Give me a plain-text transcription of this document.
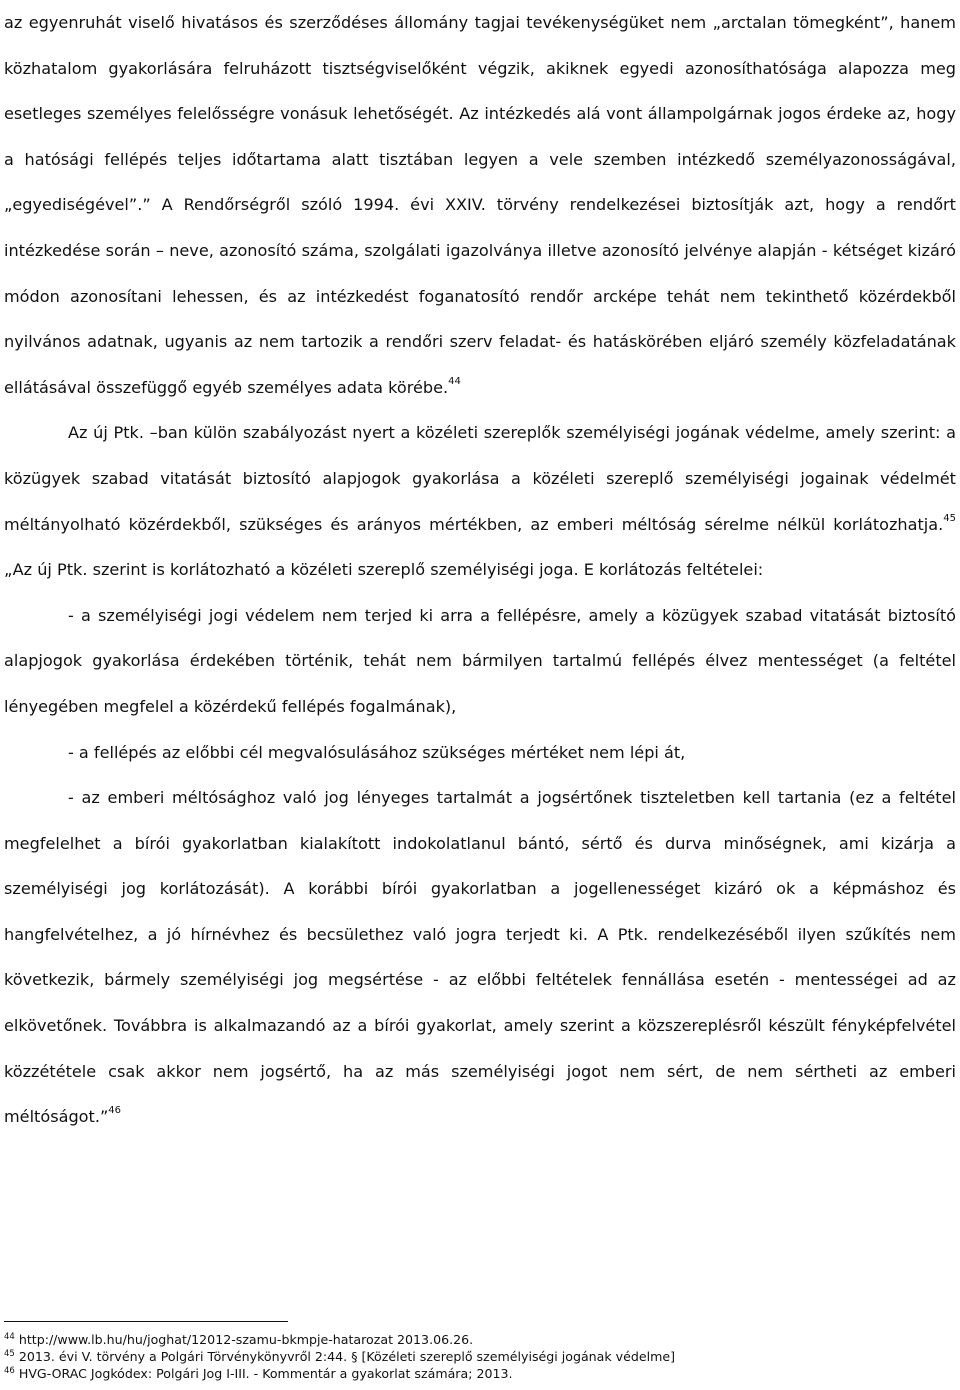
az egyenruhát viselő hivatásos és szerződéses állomány tagjai tevékenységüket nem „arctalan tömegként”, hanem közhatalom gyakorlására felruházott tisztségviselőként végzik, akiknek egyedi azonosíthatósága alapozza meg esetleges személyes felelősségre vonásuk lehetőségét. Az intézkedés alá vont állampolgárnak jogos érdeke az, hogy a hatósági fellépés teljes időtartama alatt tisztában legyen a vele szemben intézkedő személyazonosságával, „egyediségével”.” A Rendőrségről szóló 1994. évi XXIV. törvény rendelkezései biztosítják azt, hogy a rendőrt intézkedése során – neve, azonosító száma, szolgálati igazolványa illetve azonosító jelvénye alapján - kétséget kizáró módon azonosítani lehessen, és az intézkedést foganatosító rendőr arcképe tehát nem tekinthető közérdekből nyilvános adatnak, ugyanis az nem tartozik a rendőri szerv feladat- és hatáskörében eljáró személy közfeladatának ellátásával összefüggő egyéb személyes adata körébe.$^{44}$

Az új Ptk. –ban külön szabályozást nyert a közéleti szereplők személyiségi jogának védelme, amely szerint: a közügyek szabad vitatását biztosító alapjogok gyakorlása a közéleti szereplő személyiségi jogainak védelmét méltányolható közérdekből, szükséges és arányos mértékben, az emberi méltóság sérelme nélkül korlátozhatja.$^{45}$ „Az új Ptk. szerint is korlátozható a közéleti szereplő személyiségi joga. E korlátozás feltételei:

- a személyiségi jogi védelem nem terjed ki arra a fellépésre, amely a közügyek szabad vitatását biztosító alapjogok gyakorlása érdekében történik, tehát nem bármilyen tartalmú fellépés élvez mentességet (a feltétel lényegében megfelel a közérdekű fellépés fogalmának),

- a fellépés az előbbi cél megvalósulásához szükséges mértéket nem lépi át,

- az emberi méltósághoz való jog lényeges tartalmát a jogsértőnek tiszteletben kell tartania (ez a feltétel megfelelhet a bírói gyakorlatban kialakított indokolatlanul bántó, sértő és durva minőségnek, ami kizárja a személyiségi jog korlátozását). A korábbi bírói gyakorlatban a jogellenességet kizáró ok a képmáshoz és hangfelvételhez, a jó hírnévhez és becsülethez való jogra terjedt ki. A Ptk. rendelkezéséből ilyen szűkítés nem következik, bármely személyiségi jog megsértése - az előbbi feltételek fennállása esetén - mentességei ad az elkövetőnek. Továbbra is alkalmazandó az a bírói gyakorlat, amely szerint a közszereplésről készült fényképfelvétel közzététele csak akkor nem jogsértő, ha az más személyiségi jogot nem sért, de nem sértheti az emberi méltóságot.”$^{46}$

$^{44}$ http://www.lb.hu/hu/joghat/12012-szamu-bkmpje-hatarozat 2013.06.26.
$^{45}$ 2013. évi V. törvény a Polgári Törvénykönyvről 2:44. § [Közéleti szereplő személyiségi jogának védelme]
$^{46}$ HVG-ORAC Jogkódex: Polgári Jog I-III. - Kommentár a gyakorlat számára; 2013.
